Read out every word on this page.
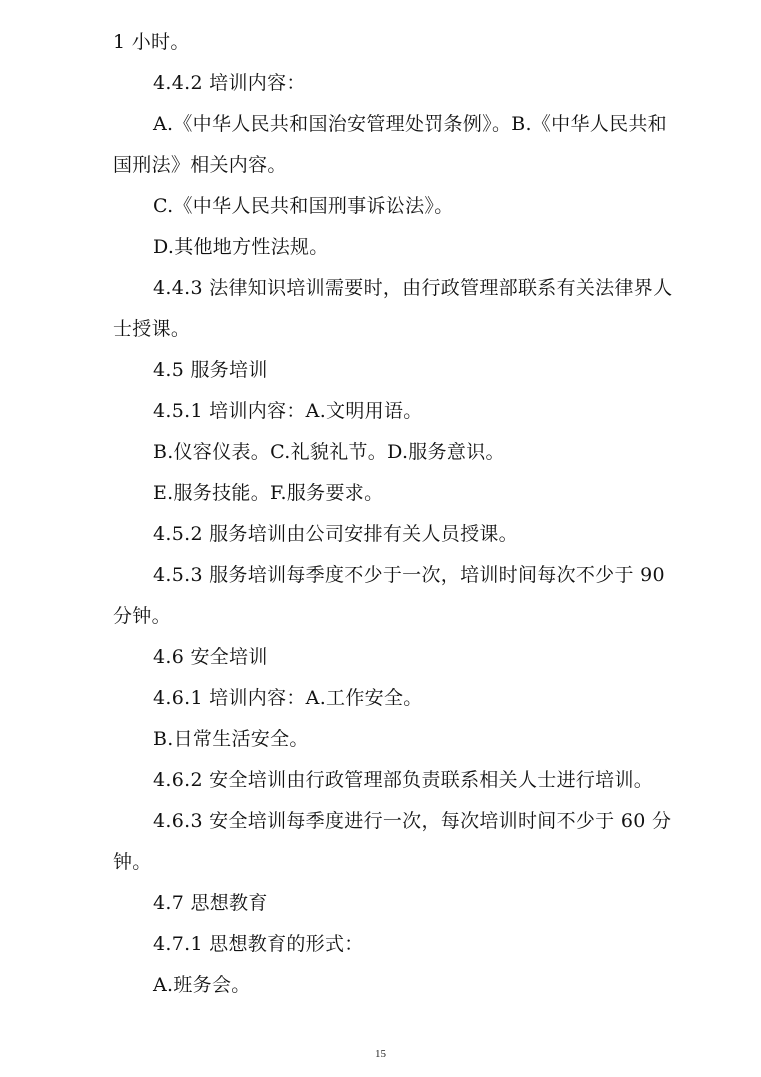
1 小时。
4.4.2 培训内容：
A.《中华人民共和国治安管理处罚条例》。B.《中华人民共和
国刑法》相关内容。
C.《中华人民共和国刑事诉讼法》。
D.其他地方性法规。
4.4.3 法律知识培训需要时，由行政管理部联系有关法律界人
士授课。
4.5 服务培训
4.5.1 培训内容：A.文明用语。
B.仪容仪表。C.礼貌礼节。D.服务意识。
E.服务技能。F.服务要求。
4.5.2 服务培训由公司安排有关人员授课。
4.5.3 服务培训每季度不少于一次，培训时间每次不少于 90
分钟。
4.6 安全培训
4.6.1 培训内容：A.工作安全。
B.日常生活安全。
4.6.2 安全培训由行政管理部负责联系相关人士进行培训。
4.6.3 安全培训每季度进行一次，每次培训时间不少于 60 分
钟。
4.7 思想教育
4.7.1 思想教育的形式：
A.班务会。
15
